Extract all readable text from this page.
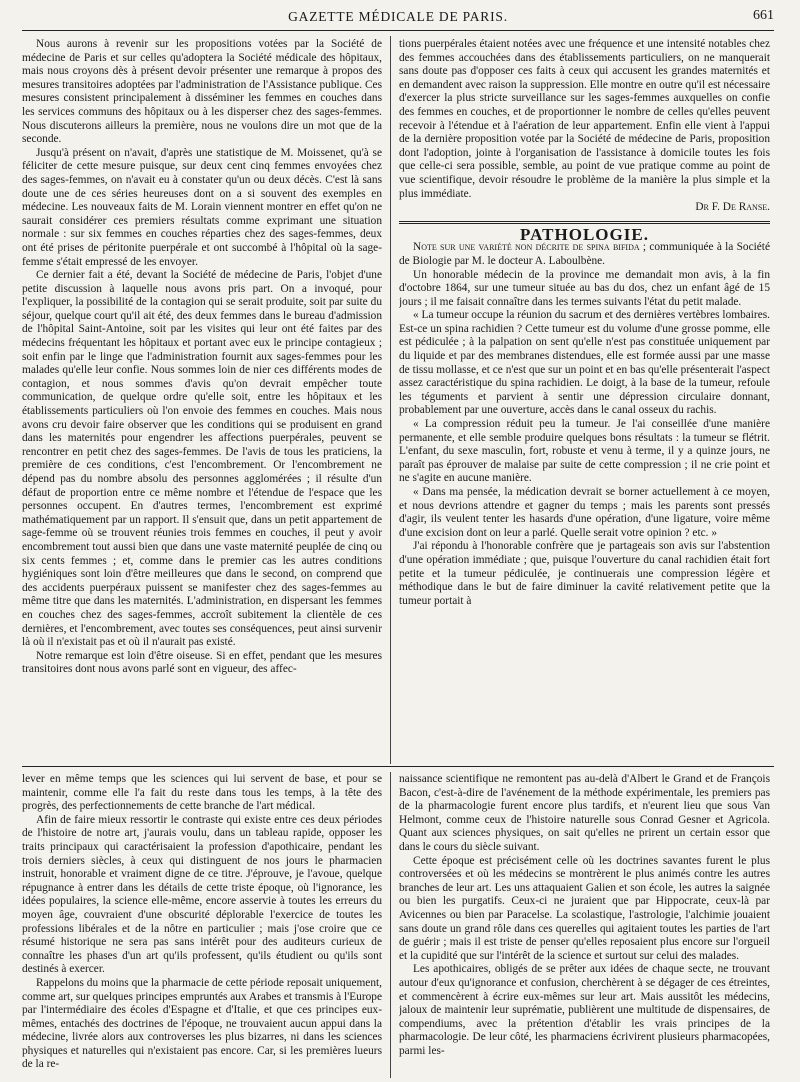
GAZETTE MÉDICALE DE PARIS.	661

Nous aurons à revenir sur les propositions votées par la Société de médecine de Paris et sur celles qu'adoptera la Société médicale des hôpitaux, mais nous croyons dès à présent devoir présenter une remarque à propos des mesures transitoires adoptées par l'administration de l'Assistance publique. Ces mesures consistent principalement à disséminer les femmes en couches dans les services communs des hôpitaux ou à les disperser chez des sages-femmes. Nous discuterons ailleurs la première, nous ne voulons dire un mot que de la seconde.

Jusqu'à présent on n'avait, d'après une statistique de M. Moissenet, qu'à se féliciter de cette mesure puisque, sur deux cent cinq femmes envoyées chez des sages-femmes, on n'avait eu à constater qu'un ou deux décès. C'est là sans doute une de ces séries heureuses dont on a si souvent des exemples en médecine. Les nouveaux faits de M. Lorain viennent montrer en effet qu'on ne saurait considérer ces premiers résultats comme exprimant une situation normale : sur six femmes en couches réparties chez des sages-femmes, deux ont été prises de péritonite puerpérale et ont succombé à l'hôpital où la sage-femme s'était empressé de les envoyer.

Ce dernier fait a été, devant la Société de médecine de Paris, l'objet d'une petite discussion à laquelle nous avons pris part. On a invoqué, pour l'expliquer, la possibilité de la contagion qui se serait produite, soit par suite du séjour, quelque court qu'il ait été, des deux femmes dans le bureau d'admission de l'hôpital Saint-Antoine, soit par les visites qui leur ont été faites par des médecins fréquentant les hôpitaux et portant avec eux le principe contagieux ; soit enfin par le linge que l'administration fournit aux sages-femmes pour les malades qu'elle leur confie. Nous sommes loin de nier ces différents modes de contagion, et nous sommes d'avis qu'on devrait empêcher toute communication, de quelque ordre qu'elle soit, entre les hôpitaux et les établissements particuliers où l'on envoie des femmes en couches. Mais nous avons cru devoir faire observer que les conditions qui se produisent en grand dans les maternités pour engendrer les affections puerpérales, peuvent se rencontrer en petit chez des sages-femmes. De l'avis de tous les praticiens, la première de ces conditions, c'est l'encombrement. Or l'encombrement ne dépend pas du nombre absolu des personnes agglomérées ; il résulte d'un défaut de proportion entre ce même nombre et l'étendue de l'espace que les personnes occupent. En d'autres termes, l'encombrement est exprimé mathématiquement par un rapport. Il s'ensuit que, dans un petit appartement de sage-femme où se trouvent réunies trois femmes en couches, il peut y avoir encombrement tout aussi bien que dans une vaste maternité peuplée de cinq ou six cents femmes ; et, comme dans le premier cas les autres conditions hygiéniques sont loin d'être meilleures que dans le second, on comprend que des accidents puerpéraux puissent se manifester chez des sages-femmes au même titre que dans les maternités. L'administration, en dispersant les femmes en couches chez des sages-femmes, accroît subitement la clientèle de ces dernières, et l'encombrement, avec toutes ses conséquences, peut ainsi survenir là où il n'existait pas et où il n'aurait pas existé.

Notre remarque est loin d'être oiseuse. Si en effet, pendant que les mesures transitoires dont nous avons parlé sont en vigueur, des affec-

tions puerpérales étaient notées avec une fréquence et une intensité notables chez des femmes accouchées dans des établissements particuliers, on ne manquerait sans doute pas d'opposer ces faits à ceux qui accusent les grandes maternités et en demandent avec raison la suppression. Elle montre en outre qu'il est nécessaire d'exercer la plus stricte surveillance sur les sages-femmes auxquelles on confie des femmes en couches, et de proportionner le nombre de celles qu'elles peuvent recevoir à l'étendue et à l'aération de leur appartement. Enfin elle vient à l'appui de la dernière proposition votée par la Société de médecine de Paris, proposition dont l'adoption, jointe à l'organisation de l'assistance à domicile toutes les fois que celle-ci sera possible, semble, au point de vue pratique comme au point de vue scientifique, devoir résoudre le problème de la manière la plus simple et la plus immédiate.

Dr F. De Ranse.

PATHOLOGIE.

Note sur une variété non décrite de spina bifida ; communiquée à la Société de Biologie par M. le docteur A. Laboulbène.

Un honorable médecin de la province me demandait mon avis, à la fin d'octobre 1864, sur une tumeur située au bas du dos, chez un enfant âgé de 15 jours ; il me faisait connaître dans les termes suivants l'état du petit malade.

« La tumeur occupe la réunion du sacrum et des dernières vertèbres lombaires. Est-ce un spina rachidien ? Cette tumeur est du volume d'une grosse pomme, elle est pédiculée ; à la palpation on sent qu'elle n'est pas constituée uniquement par du liquide et par des membranes distendues, elle est formée aussi par une masse de tissu mollasse, et ce n'est que sur un point et en bas qu'elle présenterait l'aspect assez caractéristique du spina rachidien. Le doigt, à la base de la tumeur, refoule les téguments et parvient à sentir une dépression circulaire donnant, probablement par une ouverture, accès dans le canal osseux du rachis.

« La compression réduit peu la tumeur. Je l'ai conseillée d'une manière permanente, et elle semble produire quelques bons résultats : la tumeur se flétrit. L'enfant, du sexe masculin, fort, robuste et venu à terme, il y a quinze jours, ne paraît pas éprouver de malaise par suite de cette compression ; il ne crie point et ne s'agite en aucune manière.

« Dans ma pensée, la médication devrait se borner actuellement à ce moyen, et nous devrions attendre et gagner du temps ; mais les parents sont pressés d'agir, ils veulent tenter les hasards d'une opération, d'une ligature, voire même d'une excision dont on leur a parlé. Quelle serait votre opinion ? etc. »

J'ai répondu à l'honorable confrère que je partageais son avis sur l'abstention d'une opération immédiate ; que, puisque l'ouverture du canal rachidien était fort petite et la tumeur pédiculée, je continuerais une compression légère et méthodique dans le but de faire diminuer la cavité relativement petite que la tumeur portait à

lever en même temps que les sciences qui lui servent de base, et pour se maintenir, comme elle l'a fait du reste dans tous les temps, à la tête des progrès, des perfectionnements de cette branche de l'art médical.

Afin de faire mieux ressortir le contraste qui existe entre ces deux périodes de l'histoire de notre art, j'aurais voulu, dans un tableau rapide, opposer les traits principaux qui caractérisaient la profession d'apothicaire, pendant les trois derniers siècles, à ceux qui distinguent de nos jours le pharmacien instruit, honorable et vraiment digne de ce titre. J'éprouve, je l'avoue, quelque répugnance à entrer dans les détails de cette triste époque, où l'ignorance, les idées populaires, la science elle-même, encore asservie à toutes les erreurs du moyen âge, couvraient d'une obscurité déplorable l'exercice de toutes les professions libérales et de la nôtre en particulier ; mais j'ose croire que ce résumé historique ne sera pas sans intérêt pour des auditeurs curieux de connaître les phases d'un art qu'ils professent, qu'ils étudient ou qu'ils sont destinés à exercer.

Rappelons du moins que la pharmacie de cette période reposait uniquement, comme art, sur quelques principes empruntés aux Arabes et transmis à l'Europe par l'intermédiaire des écoles d'Espagne et d'Italie, et que ces principes eux-mêmes, entachés des doctrines de l'époque, ne trouvaient aucun appui dans la médecine, livrée alors aux controverses les plus bizarres, ni dans les sciences physiques et naturelles qui n'existaient pas encore. Car, si les premières lueurs de la re-

naissance scientifique ne remontent pas au-delà d'Albert le Grand et de François Bacon, c'est-à-dire de l'avénement de la méthode expérimentale, les premiers pas de la pharmacologie furent encore plus tardifs, et n'eurent lieu que sous Van Helmont, comme ceux de l'histoire naturelle sous Conrad Gesner et Agricola. Quant aux sciences physiques, on sait qu'elles ne prirent un certain essor que dans le cours du siècle suivant.

Cette époque est précisément celle où les doctrines savantes furent le plus controversées et où les médecins se montrèrent le plus animés contre les autres branches de leur art. Les uns attaquaient Galien et son école, les autres la saignée ou bien les purgatifs. Ceux-ci ne juraient que par Hippocrate, ceux-là par Avicennes ou bien par Paracelse. La scolastique, l'astrologie, l'alchimie jouaient sans doute un grand rôle dans ces querelles qui agitaient toutes les parties de l'art de guérir ; mais il est triste de penser qu'elles reposaient plus encore sur l'orgueil et la cupidité que sur l'intérêt de la science et surtout sur celui des malades.

Les apothicaires, obligés de se prêter aux idées de chaque secte, ne trouvant autour d'eux qu'ignorance et confusion, cherchèrent à se dégager de ces étreintes, et commencèrent à écrire eux-mêmes sur leur art. Mais aussitôt les médecins, jaloux de maintenir leur suprématie, publièrent une multitude de dispensaires, de compendiums, avec la prétention d'établir les vrais principes de la pharmacologie. De leur côté, les pharmaciens écrivirent plusieurs pharmacopées, parmi les-
